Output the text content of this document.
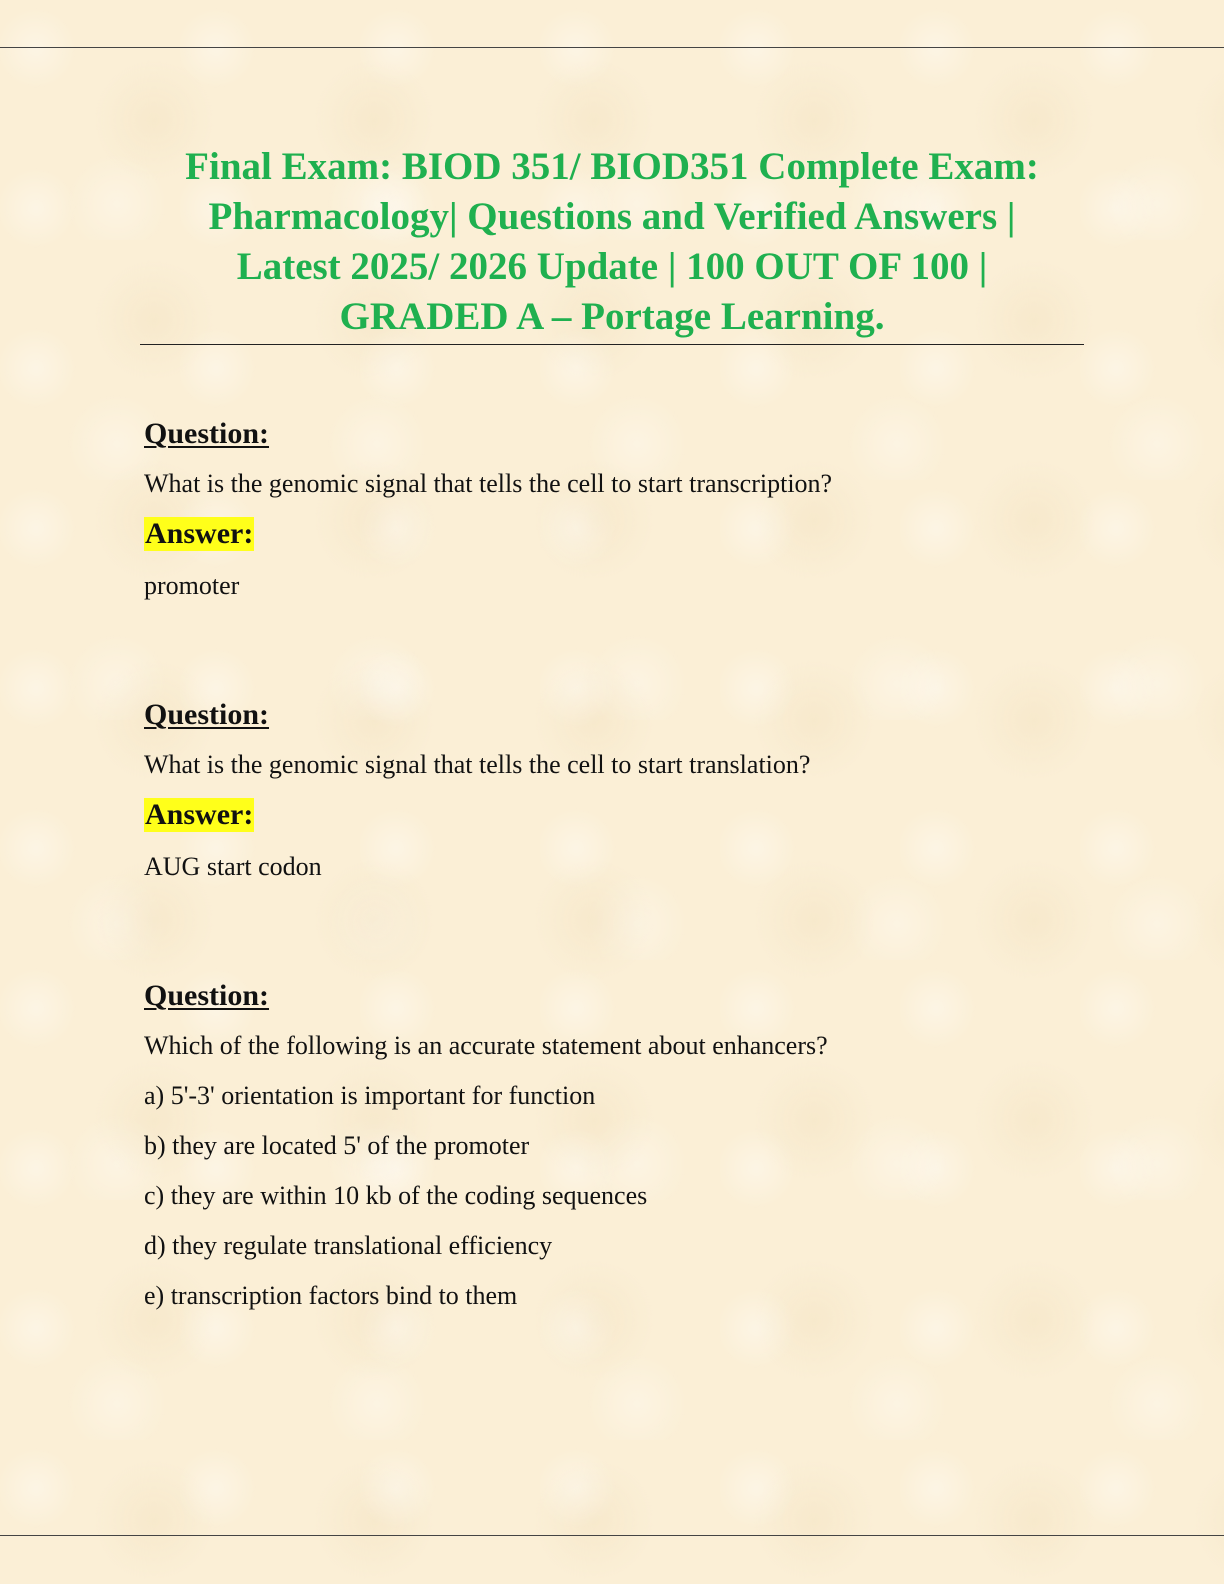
Final Exam: BIOD 351/ BIOD351 Complete Exam:
Pharmacology| Questions and Verified Answers |
Latest 2025/ 2026 Update | 100 OUT OF 100 |
GRADED A – Portage Learning.
Question:

What is the genomic signal that tells the cell to start transcription?

Answer:

promoter

Question:

What is the genomic signal that tells the cell to start translation?

Answer:

AUG start codon

Question:

Which of the following is an accurate statement about enhancers?

a) 5'-3' orientation is important for function
b) they are located 5' of the promoter
c) they are within 10 kb of the coding sequences
d) they regulate translational efficiency
e) transcription factors bind to them
